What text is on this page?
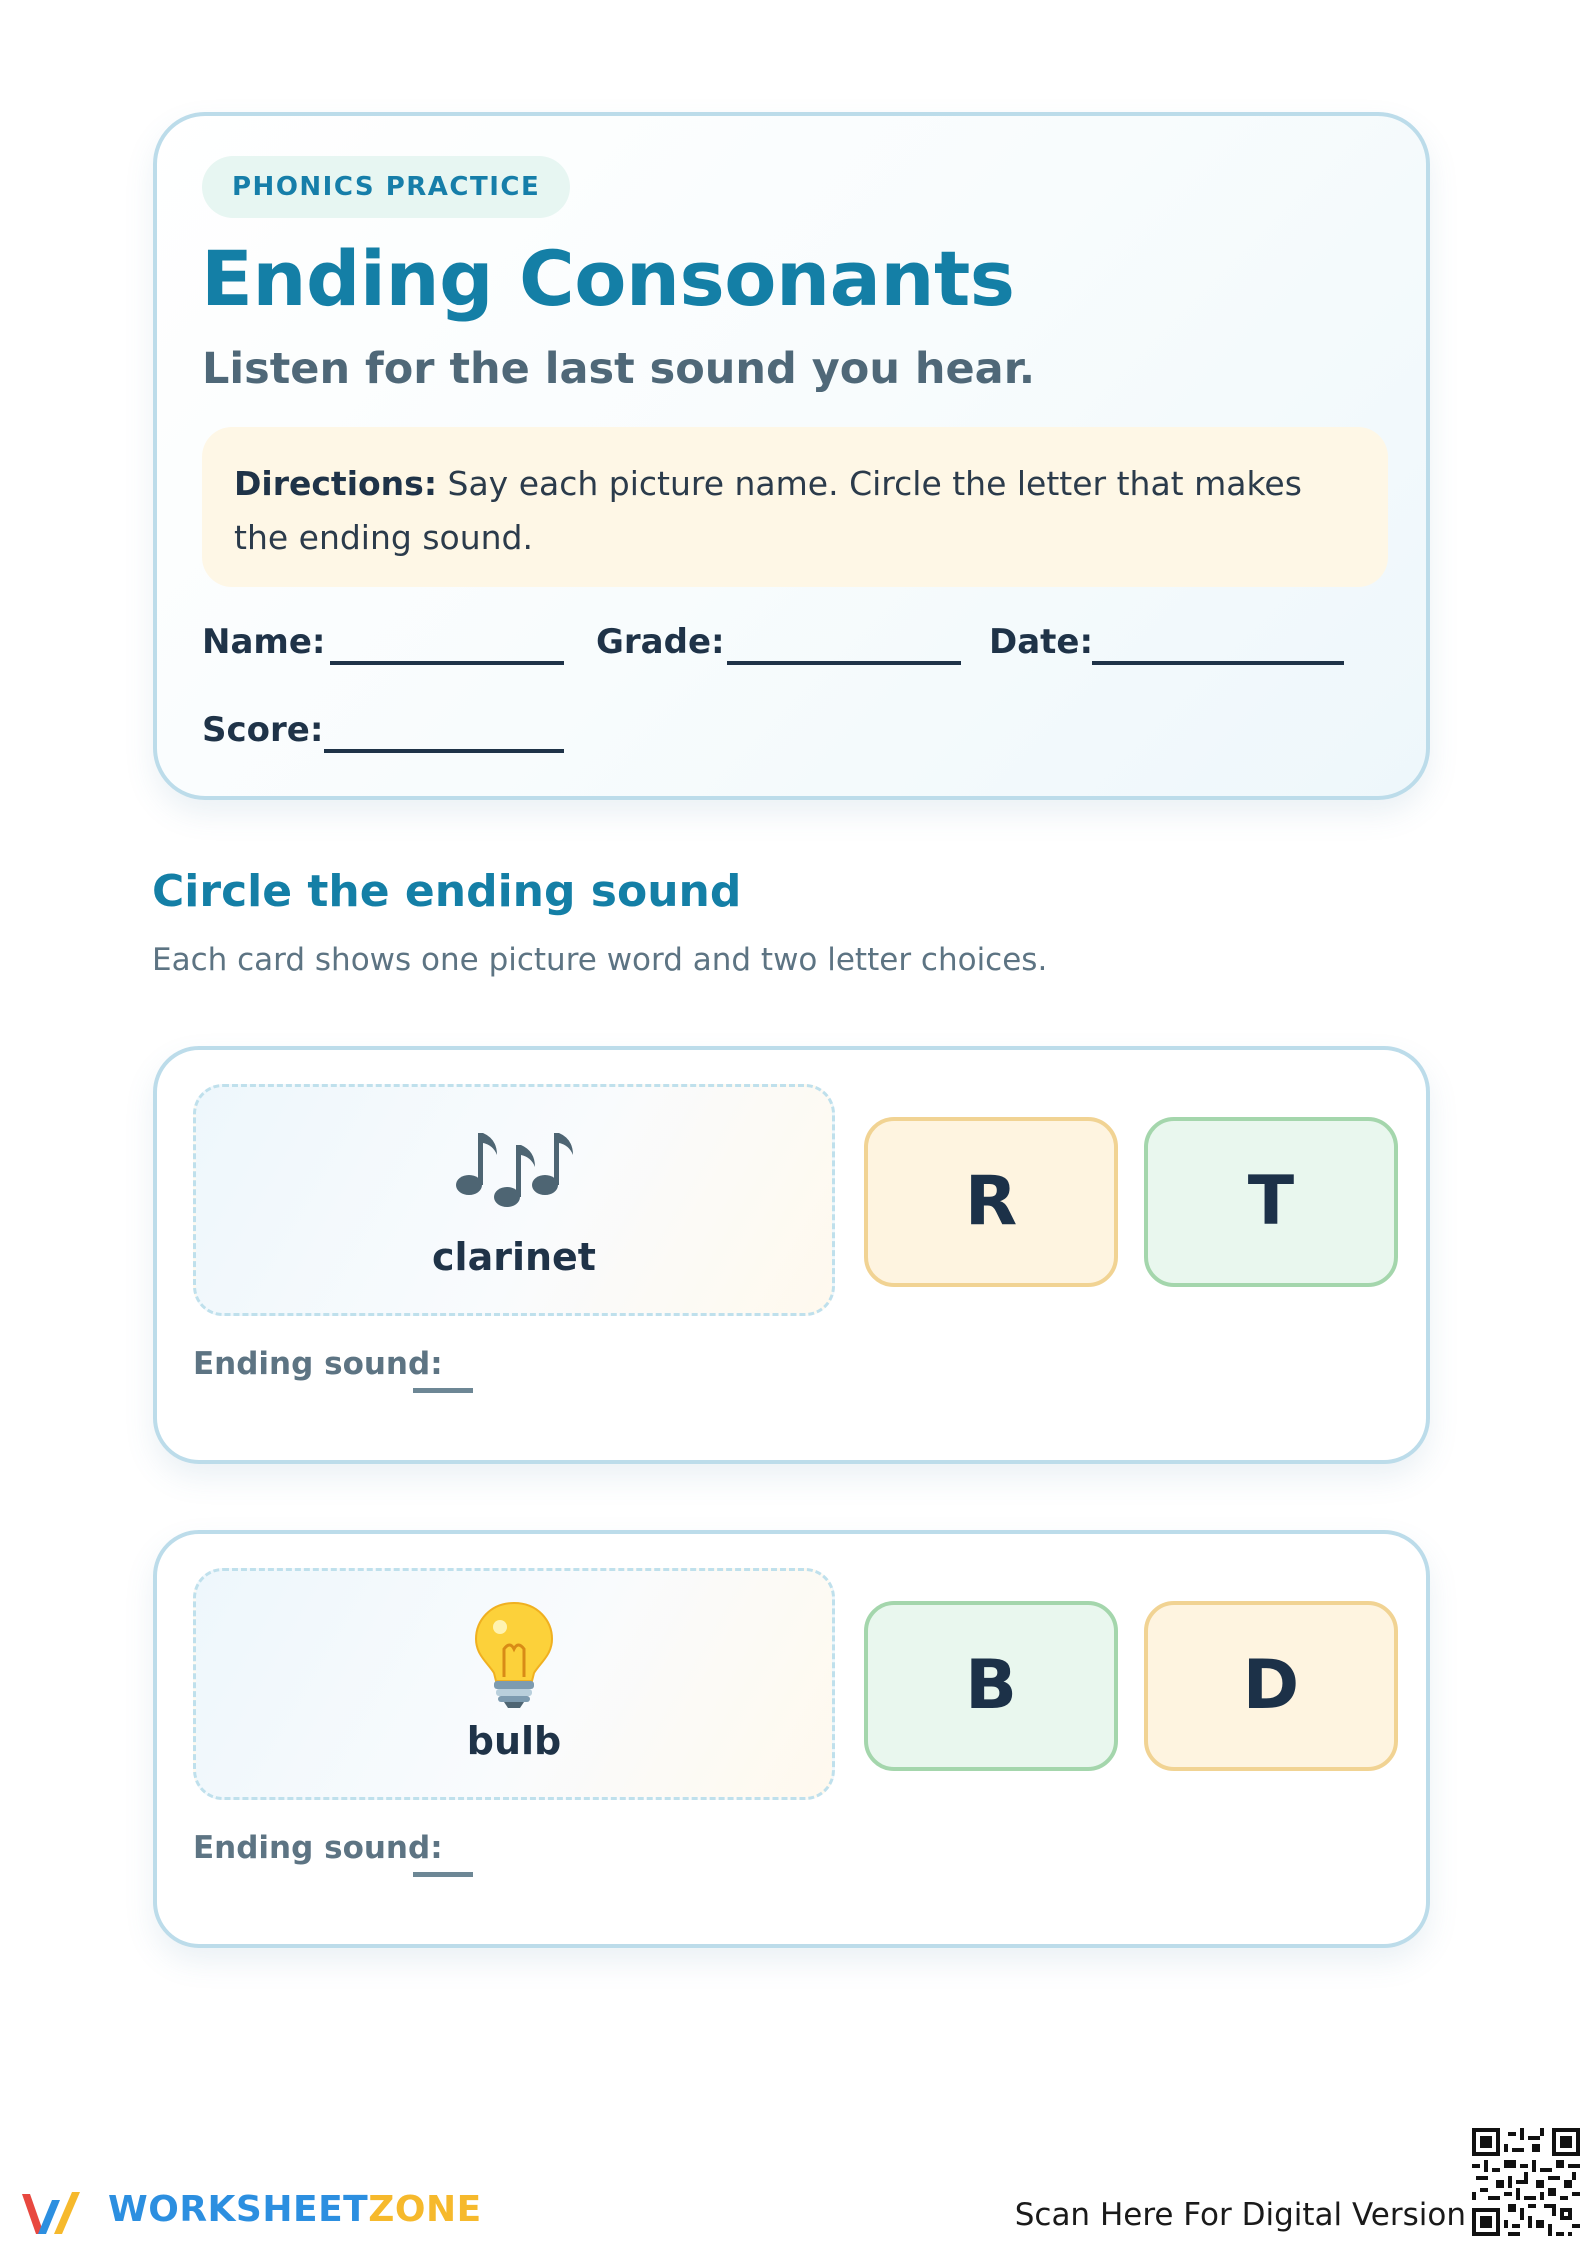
PHONICS PRACTICE
Ending Consonants
Listen for the last sound you hear.
Directions: Say each picture name. Circle the letter that makes the ending sound.
Name:	Grade:	Date:
Score:
Circle the ending sound
Each card shows one picture word and two letter choices.
clarinet
R	T
Ending sound:
bulb
B	D
Ending sound:
WORKSHEETZONE	Scan Here For Digital Version
